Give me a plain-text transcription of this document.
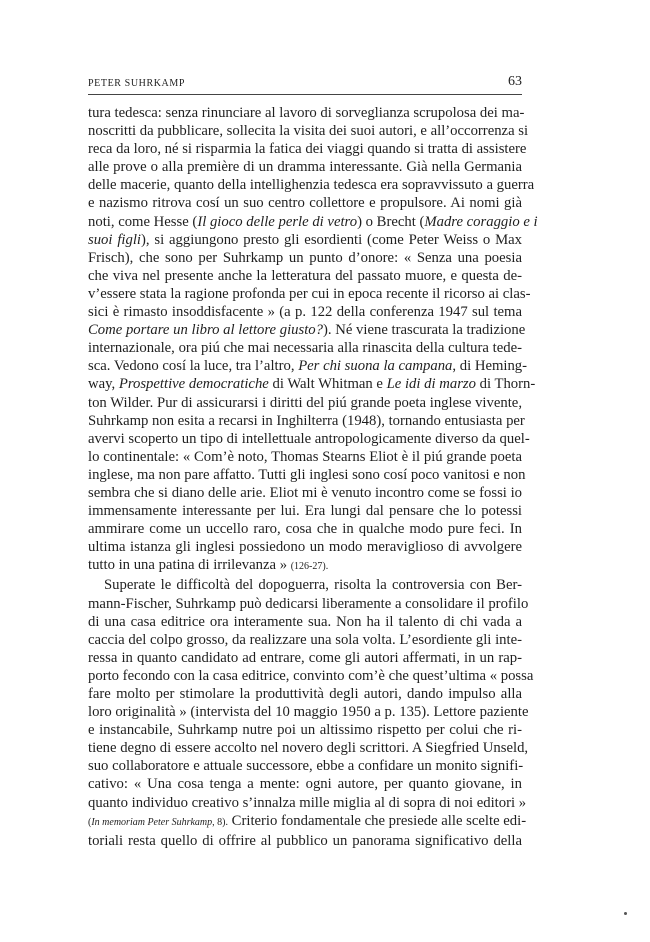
PETER SUHRKAMP	63
tura tedesca: senza rinunciare al lavoro di sorveglianza scrupolosa dei ma-
noscritti da pubblicare, sollecita la visita dei suoi autori, e all’occorrenza si
reca da loro, né si risparmia la fatica dei viaggi quando si tratta di assistere
alle prove o alla première di un dramma interessante. Già nella Germania
delle macerie, quanto della intellighenzia tedesca era sopravvissuto a guerra
e nazismo ritrova cosí un suo centro collettore e propulsore. Ai nomi già
noti, come Hesse (Il gioco delle perle di vetro) o Brecht (Madre coraggio e i
suoi figli), si aggiungono presto gli esordienti (come Peter Weiss o Max
Frisch), che sono per Suhrkamp un punto d’onore: « Senza una poesia
che viva nel presente anche la letteratura del passato muore, e questa de-
v’essere stata la ragione profonda per cui in epoca recente il ricorso ai clas-
sici è rimasto insoddisfacente » (a p. 122 della conferenza 1947 sul tema
Come portare un libro al lettore giusto?). Né viene trascurata la tradizione
internazionale, ora piú che mai necessaria alla rinascita della cultura tede-
sca. Vedono cosí la luce, tra l’altro, Per chi suona la campana, di Heming-
way, Prospettive democratiche di Walt Whitman e Le idi di marzo di Thorn-
ton Wilder. Pur di assicurarsi i diritti del piú grande poeta inglese vivente,
Suhrkamp non esita a recarsi in Inghilterra (1948), tornando entusiasta per
avervi scoperto un tipo di intellettuale antropologicamente diverso da quel-
lo continentale: « Com’è noto, Thomas Stearns Eliot è il piú grande poeta
inglese, ma non pare affatto. Tutti gli inglesi sono cosí poco vanitosi e non
sembra che si diano delle arie. Eliot mi è venuto incontro come se fossi io
immensamente interessante per lui. Era lungi dal pensare che lo potessi
ammirare come un uccello raro, cosa che in qualche modo pure feci. In
ultima istanza gli inglesi possiedono un modo meraviglioso di avvolgere
tutto in una patina di irrilevanza » (126-27).
Superate le difficoltà del dopoguerra, risolta la controversia con Ber-
mann-Fischer, Suhrkamp può dedicarsi liberamente a consolidare il profilo
di una casa editrice ora interamente sua. Non ha il talento di chi vada a
caccia del colpo grosso, da realizzare una sola volta. L’esordiente gli inte-
ressa in quanto candidato ad entrare, come gli autori affermati, in un rap-
porto fecondo con la casa editrice, convinto com’è che quest’ultima « possa
fare molto per stimolare la produttività degli autori, dando impulso alla
loro originalità » (intervista del 10 maggio 1950 a p. 135). Lettore paziente
e instancabile, Suhrkamp nutre poi un altissimo rispetto per colui che ri-
tiene degno di essere accolto nel novero degli scrittori. A Siegfried Unseld,
suo collaboratore e attuale successore, ebbe a confidare un monito signifi-
cativo: « Una cosa tenga a mente: ogni autore, per quanto giovane, in
quanto individuo creativo s’innalza mille miglia al di sopra di noi editori »
(In memoriam Peter Suhrkamp, 8). Criterio fondamentale che presiede alle scelte edi-
toriali resta quello di offrire al pubblico un panorama significativo della
